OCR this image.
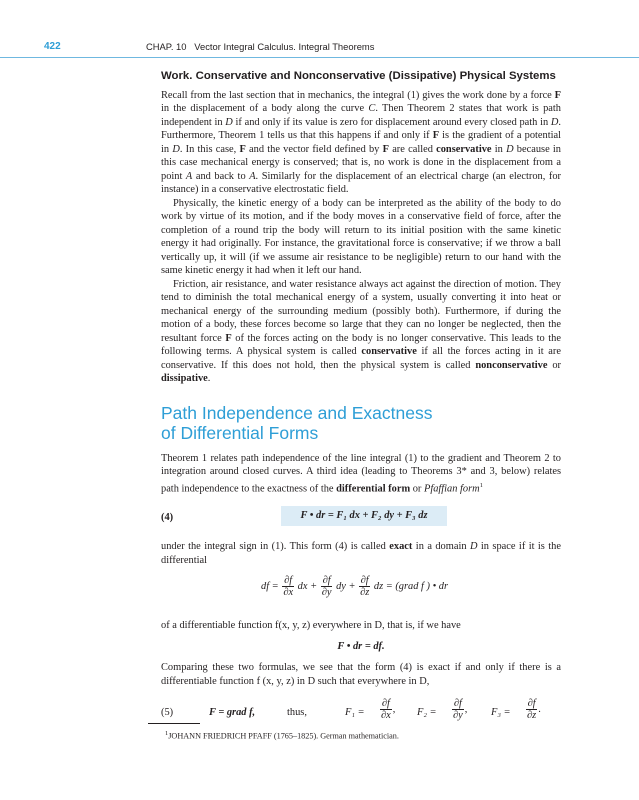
422	CHAP. 10   Vector Integral Calculus. Integral Theorems
Work. Conservative and Nonconservative (Dissipative) Physical Systems

Recall from the last section that in mechanics, the integral (1) gives the work done by a force F in the displacement of a body along the curve C. Then Theorem 2 states that work is path independent in D if and only if its value is zero for displacement around every closed path in D. Furthermore, Theorem 1 tells us that this happens if and only if F is the gradient of a potential in D. In this case, F and the vector field defined by F are called conservative in D because in this case mechanical energy is conserved; that is, no work is done in the displacement from a point A and back to A. Similarly for the displacement of an electrical charge (an electron, for instance) in a conservative electrostatic field.

Physically, the kinetic energy of a body can be interpreted as the ability of the body to do work by virtue of its motion, and if the body moves in a conservative field of force, after the completion of a round trip the body will return to its initial position with the same kinetic energy it had originally. For instance, the gravitational force is conservative; if we throw a ball vertically up, it will (if we assume air resistance to be negligible) return to our hand with the same kinetic energy it had when it left our hand.

Friction, air resistance, and water resistance always act against the direction of motion. They tend to diminish the total mechanical energy of a system, usually converting it into heat or mechanical energy of the surrounding medium (possibly both). Furthermore, if during the motion of a body, these forces become so large that they can no longer be neglected, then the resultant force F of the forces acting on the body is no longer conservative. This leads to the following terms. A physical system is called conservative if all the forces acting in it are conservative. If this does not hold, then the physical system is called nonconservative or dissipative.

Path Independence and Exactness
of Differential Forms

Theorem 1 relates path independence of the line integral (1) to the gradient and Theorem 2 to integration around closed curves. A third idea (leading to Theorems 3* and 3, below) relates path independence to the exactness of the differential form or Pfaffian form$^1$

(4)	F • dr = F₁ dx + F₂ dy + F₃ dz

under the integral sign in (1). This form (4) is called exact in a domain D in space if it is the differential

df = $\frac{\partial f}{\partial x}$ dx + $\frac{\partial f}{\partial y}$ dy + $\frac{\partial f}{\partial z}$ dz = (grad f ) • dr

of a differentiable function f(x, y, z) everywhere in D, that is, if we have

F • dr = df.

Comparing these two formulas, we see that the form (4) is exact if and only if there is a differentiable function f (x, y, z) in D such that everywhere in D,

(5)	F = grad f,	thus,	$F_1 = \frac{\partial f}{\partial x}$ , $F_2 = \frac{\partial f}{\partial y}$ , $F_3 = \frac{\partial f}{\partial z}$ .
$^1$JOHANN FRIEDRICH PFAFF (1765–1825). German mathematician.
